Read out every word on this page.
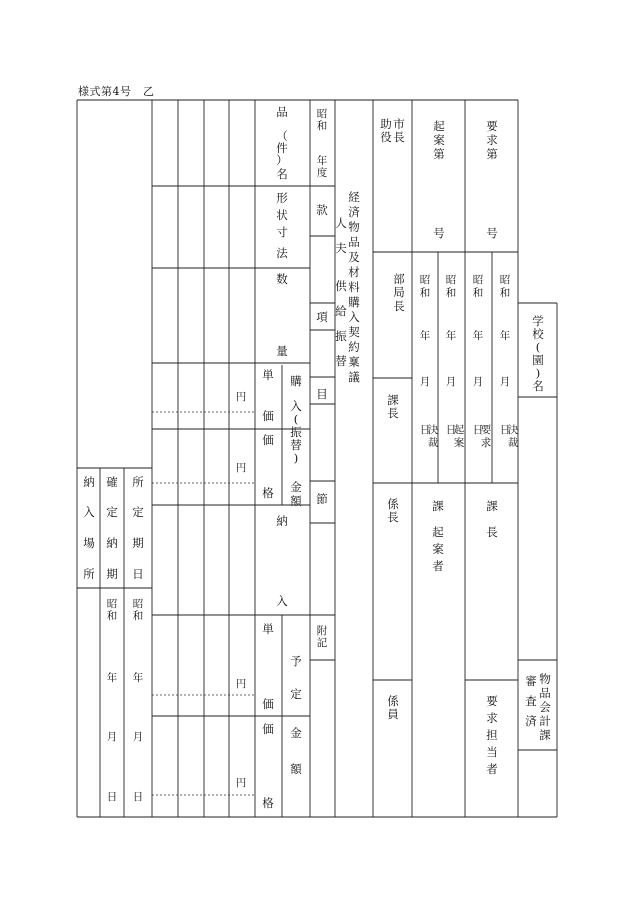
様式第4号　乙
品（件）名
形状寸法
数量
単価
価格
購入(振替)金額
納入
単価
価格
予定金額
円
円
円
円
昭和
年度
款
項
目
節
附記
経済物品及材料購入契約稟議
人夫供給振替
市長
助役
起案第
号
要求第
号
部局長
課長
係長
係員
昭和
年
月
日
決裁
昭和
年
月
日
起案
昭和
年
月
日
要求
昭和
年
月
日
決裁
課起案者
課長
要求担当者
学校(園)名
物品会計課
審査済
納入場所
確定納期
所定期日
昭和
年
月
日
昭和
年
月
日
